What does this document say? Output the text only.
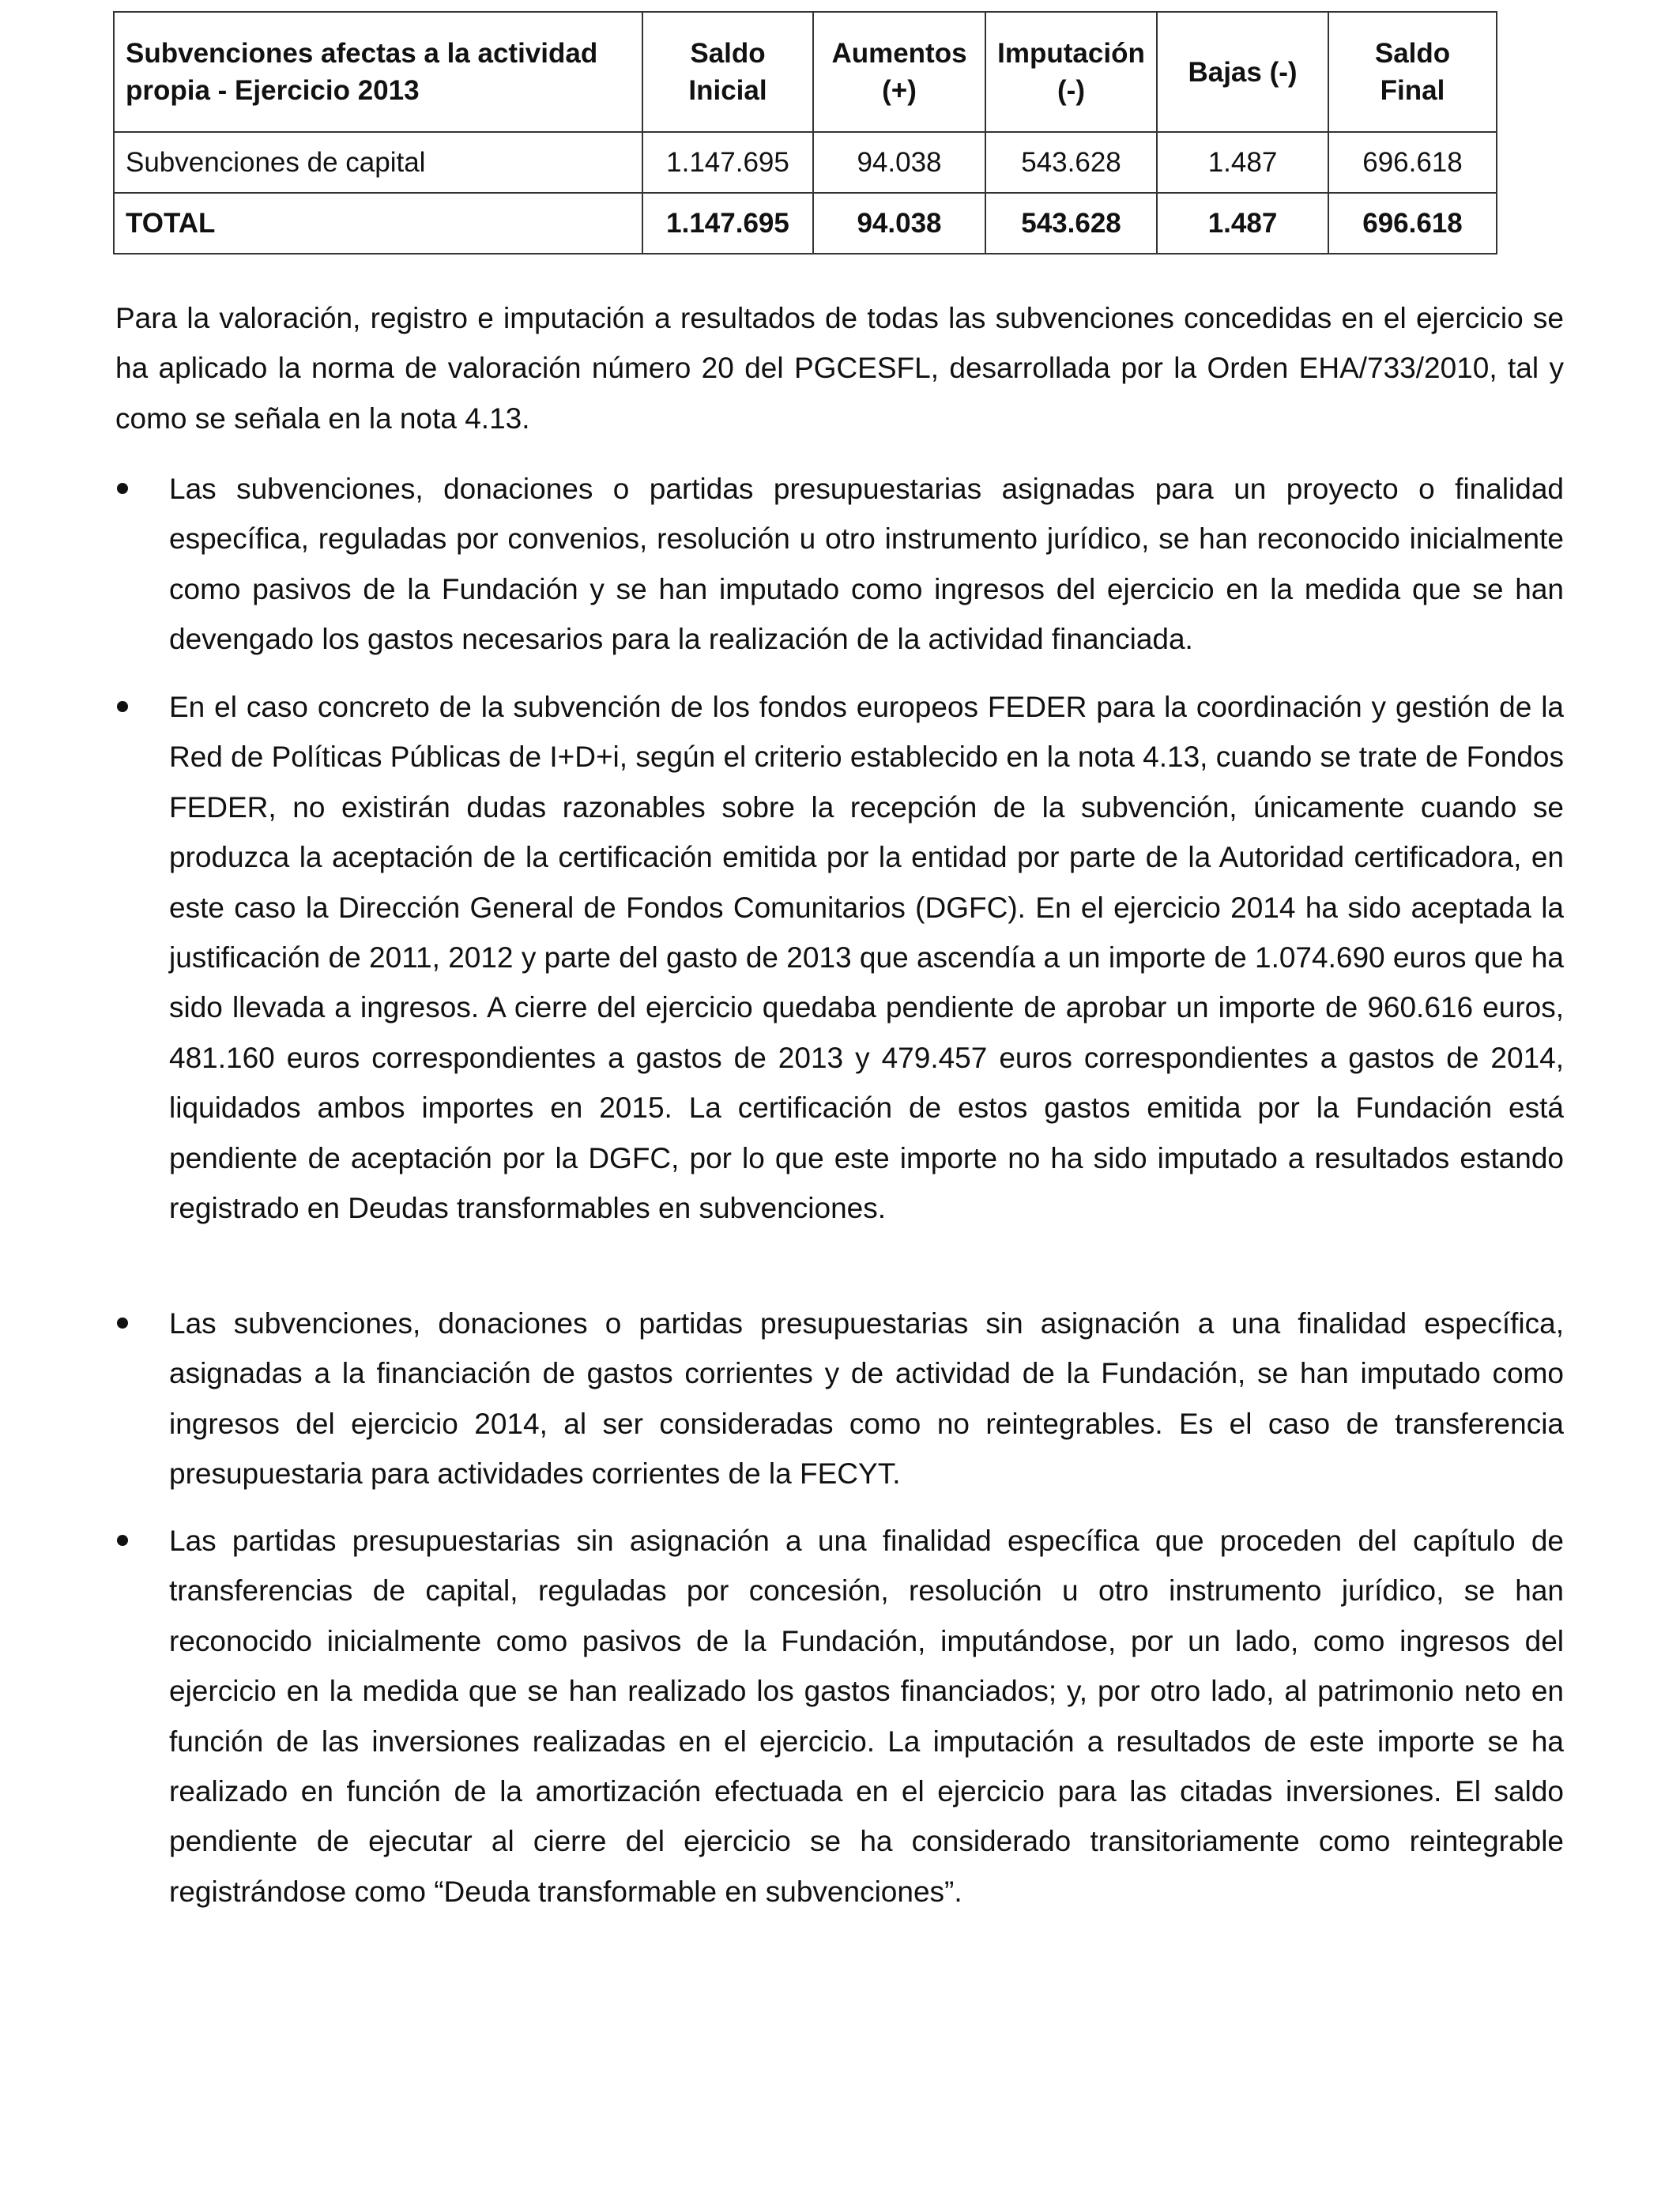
Subvenciones afectas a la actividad propia - Ejercicio 2013	Saldo Inicial	Aumentos (+)	Imputación (-)	Bajas (-)	Saldo Final
Subvenciones de capital	1.147.695	94.038	543.628	1.487	696.618
TOTAL	1.147.695	94.038	543.628	1.487	696.618

Para la valoración, registro e imputación a resultados de todas las subvenciones concedidas en el ejercicio se ha aplicado la norma de valoración número 20 del PGCESFL, desarrollada por la Orden EHA/733/2010, tal y como se señala en la nota 4.13.

Las subvenciones, donaciones o partidas presupuestarias asignadas para un proyecto o finalidad específica, reguladas por convenios, resolución u otro instrumento jurídico, se han reconocido inicialmente como pasivos de la Fundación y se han imputado como ingresos del ejercicio en la medida que se han devengado los gastos necesarios para la realización de la actividad financiada.

En el caso concreto de la subvención de los fondos europeos FEDER para la coordinación y gestión de la Red de Políticas Públicas de I+D+i, según el criterio establecido en la nota 4.13, cuando se trate de Fondos FEDER, no existirán dudas razonables sobre la recepción de la subvención, únicamente cuando se produzca la aceptación de la certificación emitida por la entidad por parte de la Autoridad certificadora, en este caso la Dirección General de Fondos Comunitarios (DGFC). En el ejercicio 2014 ha sido aceptada la justificación de 2011, 2012 y parte del gasto de 2013 que ascendía a un importe de 1.074.690 euros que ha sido llevada a ingresos. A cierre del ejercicio quedaba pendiente de aprobar un importe de 960.616 euros, 481.160 euros correspondientes a gastos de 2013 y 479.457 euros correspondientes a gastos de 2014, liquidados ambos importes en 2015. La certificación de estos gastos emitida por la Fundación está pendiente de aceptación por la DGFC, por lo que este importe no ha sido imputado a resultados estando registrado en Deudas transformables en subvenciones.

Las subvenciones, donaciones o partidas presupuestarias sin asignación a una finalidad específica, asignadas a la financiación de gastos corrientes y de actividad de la Fundación, se han imputado como ingresos del ejercicio 2014, al ser consideradas como no reintegrables. Es el caso de transferencia presupuestaria para actividades corrientes de la FECYT.

Las partidas presupuestarias sin asignación a una finalidad específica que proceden del capítulo de transferencias de capital, reguladas por concesión, resolución u otro instrumento jurídico, se han reconocido inicialmente como pasivos de la Fundación, imputándose, por un lado, como ingresos del ejercicio en la medida que se han realizado los gastos financiados; y, por otro lado, al patrimonio neto en función de las inversiones realizadas en el ejercicio. La imputación a resultados de este importe se ha realizado en función de la amortización efectuada en el ejercicio para las citadas inversiones. El saldo pendiente de ejecutar al cierre del ejercicio se ha considerado transitoriamente como reintegrable registrándose como “Deuda transformable en subvenciones”.
